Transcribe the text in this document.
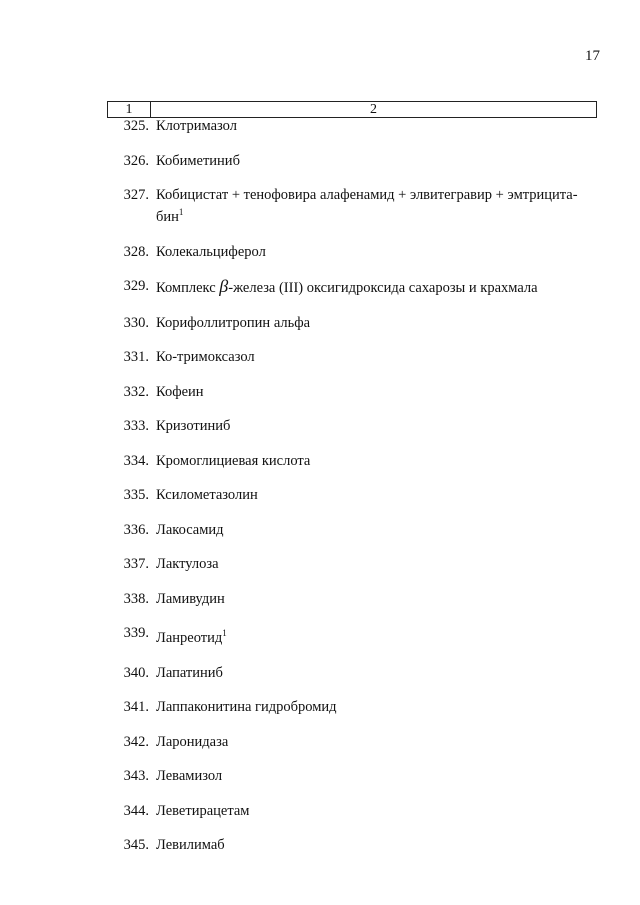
17
1	2
325. Клотримазол
326. Кобиметиниб
327. Кобицистат + тенофовира алафенамид + элвитегравир + эмтрицита-
бин$^1$
328. Колекальциферол
329. Комплекс β-железа (III) оксигидроксида сахарозы и крахмала
330. Корифоллитропин альфа
331. Ко-тримоксазол
332. Кофеин
333. Кризотиниб
334. Кромоглициевая кислота
335. Ксилометазолин
336. Лакосамид
337. Лактулоза
338. Ламивудин
339. Ланреотид$^1$
340. Лапатиниб
341. Лаппаконитина гидробромид
342. Ларонидаза
343. Левамизол
344. Леветирацетам
345. Левилимаб
